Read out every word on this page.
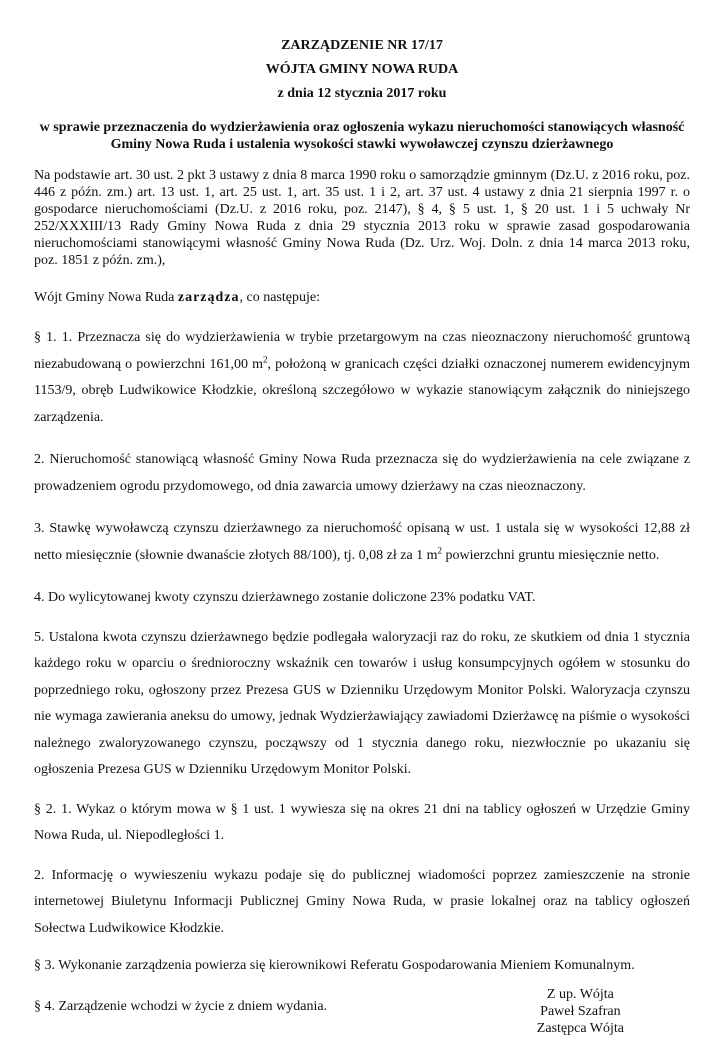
ZARZĄDZENIE NR 17/17
WÓJTA GMINY NOWA RUDA
z dnia 12 stycznia 2017 roku
w sprawie przeznaczenia do wydzierżawienia oraz ogłoszenia wykazu nieruchomości stanowiących własność Gminy Nowa Ruda i ustalenia wysokości stawki wywoławczej czynszu dzierżawnego
Na podstawie art. 30 ust. 2 pkt 3 ustawy z dnia 8 marca 1990 roku o samorządzie gminnym (Dz.U. z 2016 roku, poz. 446 z późn. zm.) art. 13 ust. 1, art. 25 ust. 1, art. 35 ust. 1 i 2, art. 37 ust. 4 ustawy z dnia 21 sierpnia 1997 r. o gospodarce nieruchomościami (Dz.U. z 2016 roku, poz. 2147), § 4, § 5 ust. 1, § 20 ust. 1 i 5 uchwały Nr 252/XXXIII/13 Rady Gminy Nowa Ruda z dnia 29 stycznia 2013 roku w sprawie zasad gospodarowania nieruchomościami stanowiącymi własność Gminy Nowa Ruda (Dz. Urz. Woj. Doln. z dnia 14 marca 2013 roku, poz. 1851 z późn. zm.),
Wójt Gminy Nowa Ruda zarządza, co następuje:
§ 1. 1. Przeznacza się do wydzierżawienia w trybie przetargowym na czas nieoznaczony nieruchomość gruntową niezabudowaną o powierzchni 161,00 $m^2$, położoną w granicach części działki oznaczonej numerem ewidencyjnym 1153/9, obręb Ludwikowice Kłodzkie, określoną szczegółowo w wykazie stanowiącym załącznik do niniejszego zarządzenia.
2. Nieruchomość stanowiącą własność Gminy Nowa Ruda przeznacza się do wydzierżawienia na cele związane z prowadzeniem ogrodu przydomowego, od dnia zawarcia umowy dzierżawy na czas nieoznaczony.
3. Stawkę wywoławczą czynszu dzierżawnego za nieruchomość opisaną w ust. 1 ustala się w wysokości 12,88 zł netto miesięcznie (słownie dwanaście złotych 88/100), tj. 0,08 zł za 1 $m^2$ powierzchni gruntu miesięcznie netto.
4. Do wylicytowanej kwoty czynszu dzierżawnego zostanie doliczone 23% podatku VAT.
5. Ustalona kwota czynszu dzierżawnego będzie podlegała waloryzacji raz do roku, ze skutkiem od dnia 1 stycznia każdego roku w oparciu o średnioroczny wskaźnik cen towarów i usług konsumpcyjnych ogółem w stosunku do poprzedniego roku, ogłoszony przez Prezesa GUS w Dzienniku Urzędowym Monitor Polski. Waloryzacja czynszu nie wymaga zawierania aneksu do umowy, jednak Wydzierżawiający zawiadomi Dzierżawcę na piśmie o wysokości należnego zwaloryzowanego czynszu, począwszy od 1 stycznia danego roku, niezwłocznie po ukazaniu się ogłoszenia Prezesa GUS w Dzienniku Urzędowym Monitor Polski.
§ 2. 1. Wykaz o którym mowa w § 1 ust. 1 wywiesza się na okres 21 dni na tablicy ogłoszeń w Urzędzie Gminy Nowa Ruda, ul. Niepodległości 1.
2. Informację o wywieszeniu wykazu podaje się do publicznej wiadomości poprzez zamieszczenie na stronie internetowej Biuletynu Informacji Publicznej Gminy Nowa Ruda, w prasie lokalnej oraz na tablicy ogłoszeń Sołectwa Ludwikowice Kłodzkie.
§ 3. Wykonanie zarządzenia powierza się kierownikowi Referatu Gospodarowania Mieniem Komunalnym.
§ 4. Zarządzenie wchodzi w życie z dniem wydania.
Z up. Wójta
Paweł Szafran
Zastępca Wójta
